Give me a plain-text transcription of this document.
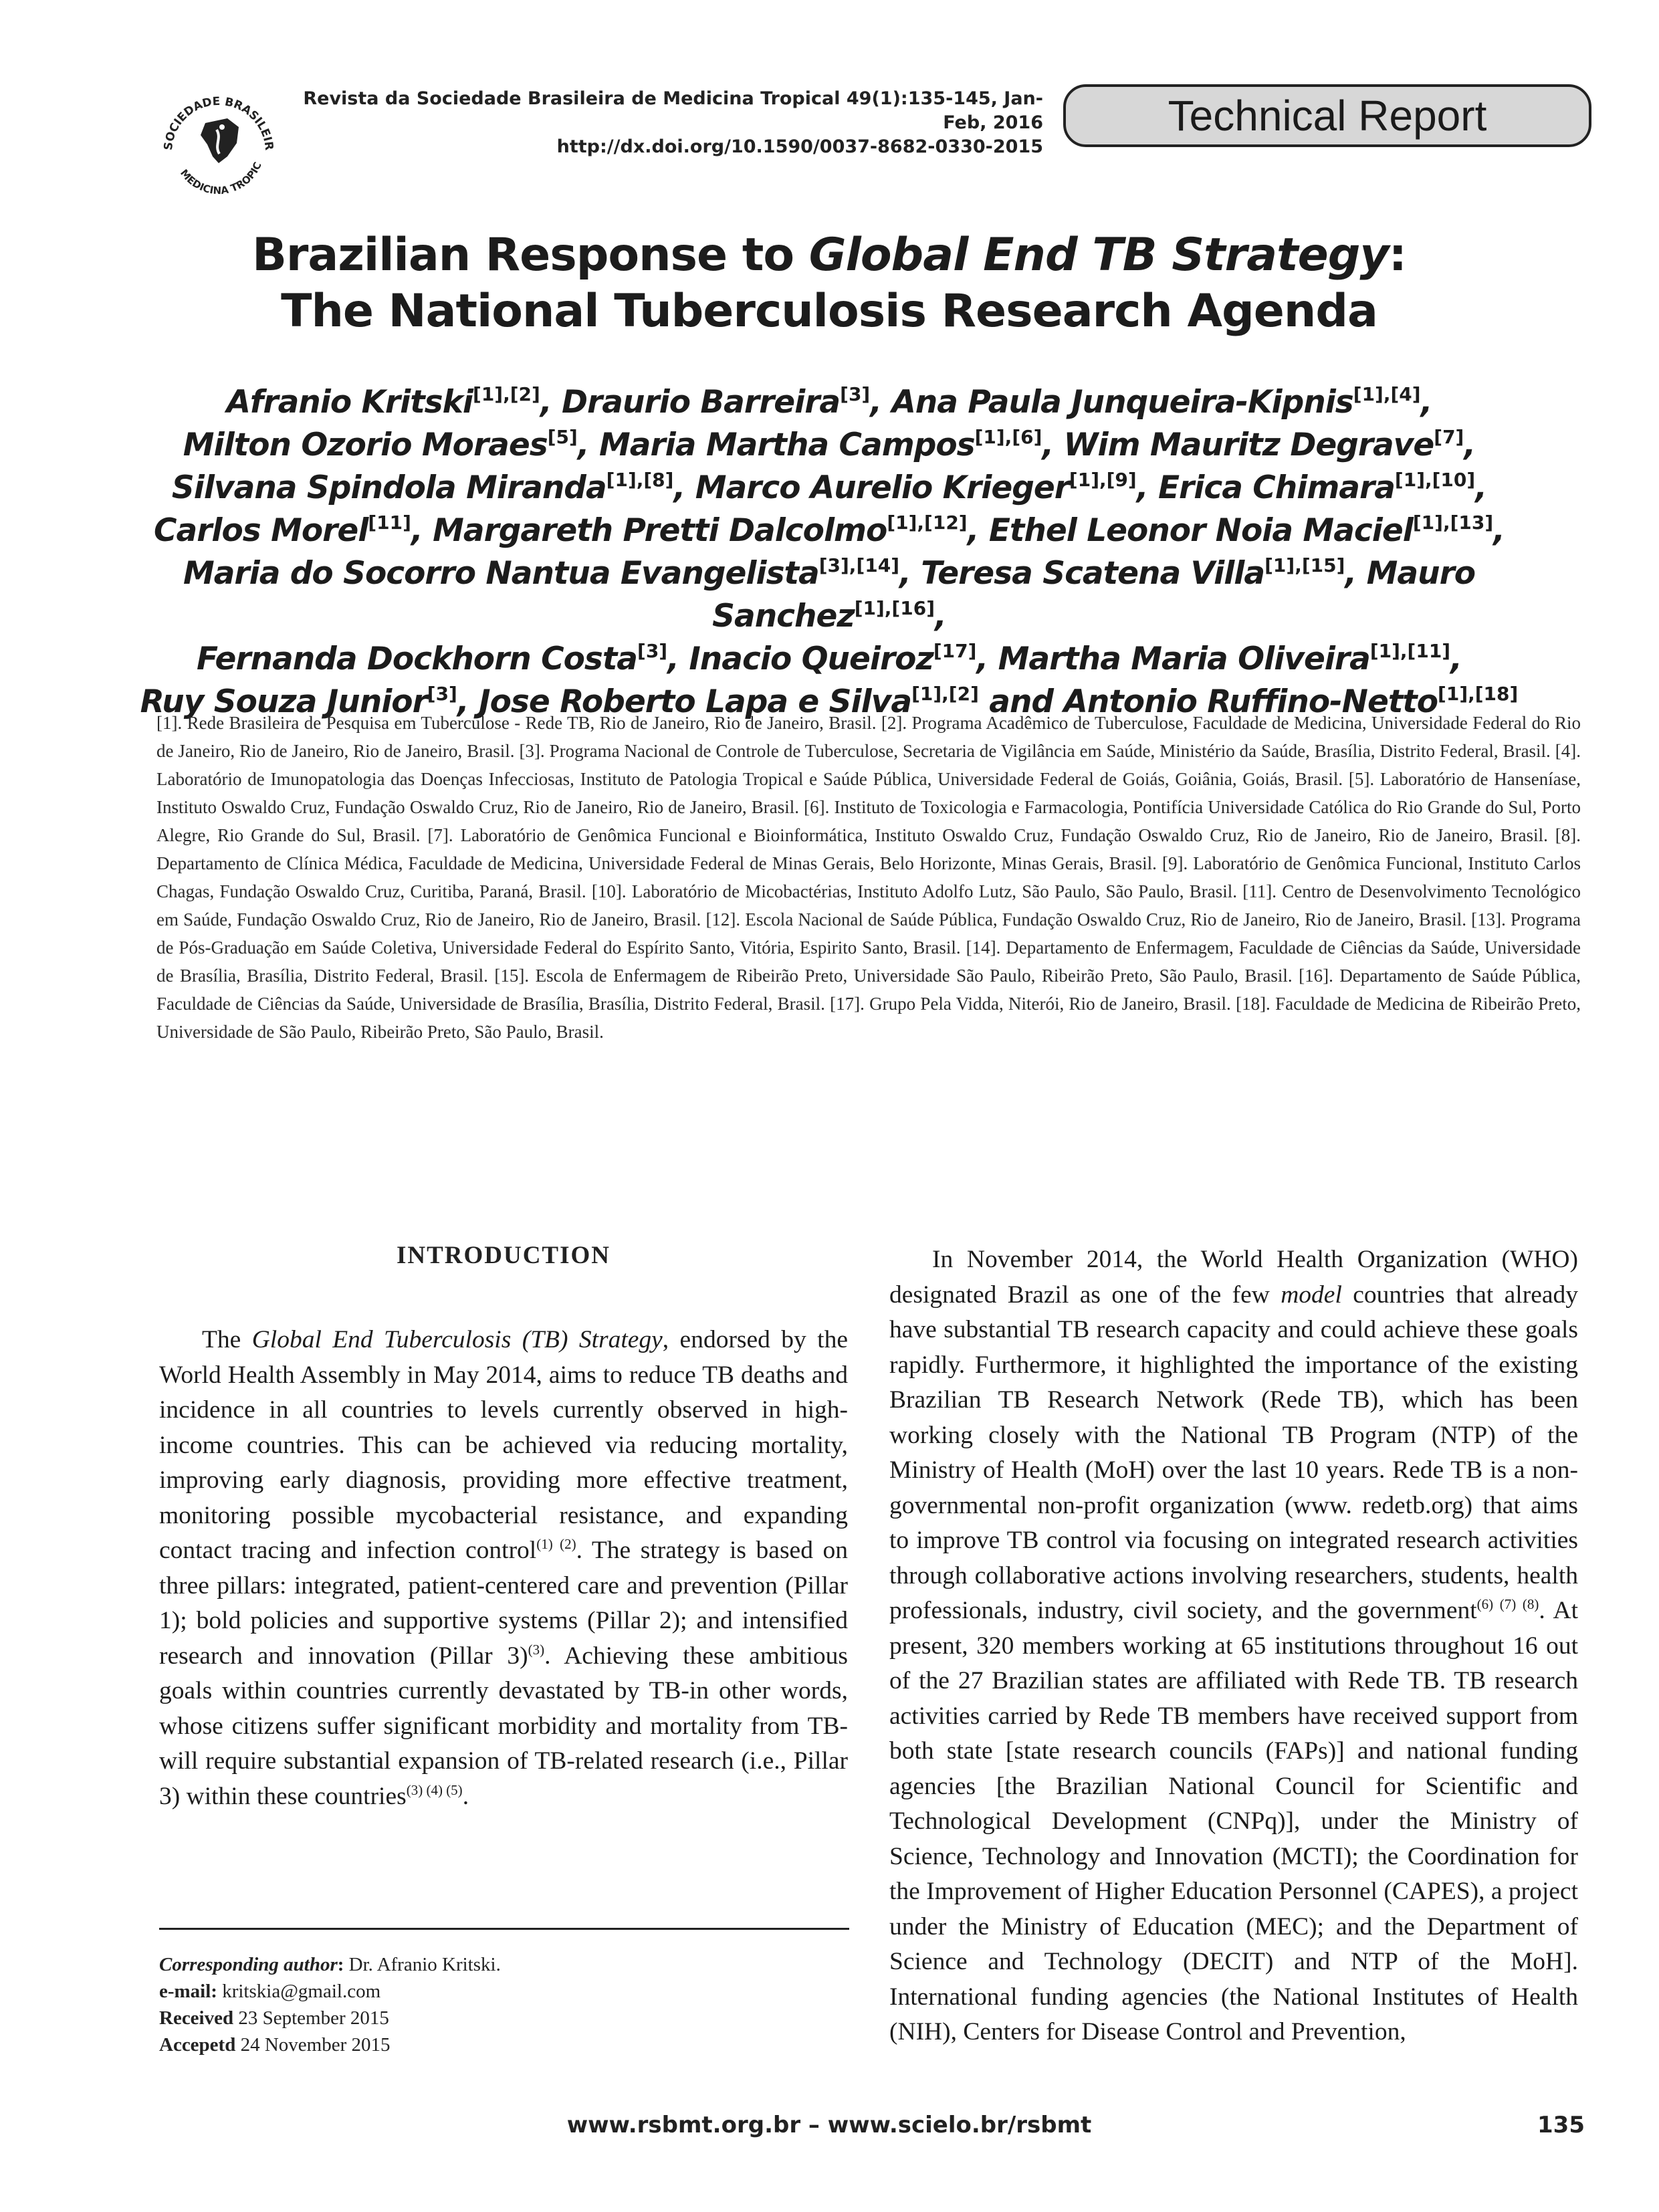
SOCIEDADE BRASILEIR
MEDICINA TROPIC
Revista da Sociedade Brasileira de Medicina Tropical 49(1):135-145, Jan-Feb, 2016
http://dx.doi.org/10.1590/0037-8682-0330-2015
Technical Report
Brazilian Response to Global End TB Strategy:
The National Tuberculosis Research Agenda
Afranio Kritski[1],[2], Draurio Barreira[3], Ana Paula Junqueira-Kipnis[1],[4],
Milton Ozorio Moraes[5], Maria Martha Campos[1],[6], Wim Mauritz Degrave[7],
Silvana Spindola Miranda[1],[8], Marco Aurelio Krieger[1],[9], Erica Chimara[1],[10],
Carlos Morel[11], Margareth Pretti Dalcolmo[1],[12], Ethel Leonor Noia Maciel[1],[13],
Maria do Socorro Nantua Evangelista[3],[14], Teresa Scatena Villa[1],[15], Mauro Sanchez[1],[16],
Fernanda Dockhorn Costa[3], Inacio Queiroz[17], Martha Maria Oliveira[1],[11],
Ruy Souza Junior[3], Jose Roberto Lapa e Silva[1],[2] and Antonio Ruffino-Netto[1],[18]
[1]. Rede Brasileira de Pesquisa em Tuberculose - Rede TB, Rio de Janeiro, Rio de Janeiro, Brasil. [2]. Programa Acadêmico de Tuberculose, Faculdade de Medicina, Universidade Federal do Rio de Janeiro, Rio de Janeiro, Rio de Janeiro, Brasil. [3]. Programa Nacional de Controle de Tuberculose, Secretaria de Vigilância em Saúde, Ministério da Saúde, Brasília, Distrito Federal, Brasil. [4]. Laboratório de Imunopatologia das Doenças Infecciosas, Instituto de Patologia Tropical e Saúde Pública, Universidade Federal de Goiás, Goiânia, Goiás, Brasil. [5]. Laboratório de Hanseníase, Instituto Oswaldo Cruz, Fundação Oswaldo Cruz, Rio de Janeiro, Rio de Janeiro, Brasil. [6]. Instituto de Toxicologia e Farmacologia, Pontifícia Universidade Católica do Rio Grande do Sul, Porto Alegre, Rio Grande do Sul, Brasil. [7]. Laboratório de Genômica Funcional e Bioinformática, Instituto Oswaldo Cruz, Fundação Oswaldo Cruz, Rio de Janeiro, Rio de Janeiro, Brasil. [8]. Departamento de Clínica Médica, Faculdade de Medicina, Universidade Federal de Minas Gerais, Belo Horizonte, Minas Gerais, Brasil. [9]. Laboratório de Genômica Funcional, Instituto Carlos Chagas, Fundação Oswaldo Cruz, Curitiba, Paraná, Brasil. [10]. Laboratório de Micobactérias, Instituto Adolfo Lutz, São Paulo, São Paulo, Brasil. [11]. Centro de Desenvolvimento Tecnológico em Saúde, Fundação Oswaldo Cruz, Rio de Janeiro, Rio de Janeiro, Brasil. [12]. Escola Nacional de Saúde Pública, Fundação Oswaldo Cruz, Rio de Janeiro, Rio de Janeiro, Brasil. [13]. Programa de Pós-Graduação em Saúde Coletiva, Universidade Federal do Espírito Santo, Vitória, Espirito Santo, Brasil. [14]. Departamento de Enfermagem, Faculdade de Ciências da Saúde, Universidade de Brasília, Brasília, Distrito Federal, Brasil. [15]. Escola de Enfermagem de Ribeirão Preto, Universidade São Paulo, Ribeirão Preto, São Paulo, Brasil. [16]. Departamento de Saúde Pública, Faculdade de Ciências da Saúde, Universidade de Brasília, Brasília, Distrito Federal, Brasil. [17]. Grupo Pela Vidda, Niterói, Rio de Janeiro, Brasil. [18]. Faculdade de Medicina de Ribeirão Preto, Universidade de São Paulo, Ribeirão Preto, São Paulo, Brasil.
INTRODUCTION

The Global End Tuberculosis (TB) Strategy, endorsed by the World Health Assembly in May 2014, aims to reduce TB deaths and incidence in all countries to levels currently observed in high-income countries. This can be achieved via reducing mortality, improving early diagnosis, providing more effective treatment, monitoring possible mycobacterial resistance, and expanding contact tracing and infection control$^{(1) (2)}$. The strategy is based on three pillars: integrated, patient-centered care and prevention (Pillar 1); bold policies and supportive systems (Pillar 2); and intensified research and innovation (Pillar 3)$^{(3)}$. Achieving these ambitious goals within countries currently devastated by TB-in other words, whose citizens suffer significant morbidity and mortality from TB-will require substantial expansion of TB-related research (i.e., Pillar 3) within these countries$^{(3) (4) (5)}$.

Corresponding author: Dr. Afranio Kritski.
e-mail: kritskia@gmail.com
Received 23 September 2015
Accepetd 24 November 2015

In November 2014, the World Health Organization (WHO) designated Brazil as one of the few model countries that already have substantial TB research capacity and could achieve these goals rapidly. Furthermore, it highlighted the importance of the existing Brazilian TB Research Network (Rede TB), which has been working closely with the National TB Program (NTP) of the Ministry of Health (MoH) over the last 10 years. Rede TB is a non-governmental non-profit organization (www. redetb.org) that aims to improve TB control via focusing on integrated research activities through collaborative actions involving researchers, students, health professionals, industry, civil society, and the government$^{(6) (7) (8)}$. At present, 320 members working at 65 institutions throughout 16 out of the 27 Brazilian states are affiliated with Rede TB. TB research activities carried by Rede TB members have received support from both state [state research councils (FAPs)] and national funding agencies [the Brazilian National Council for Scientific and Technological Development (CNPq)], under the Ministry of Science, Technology and Innovation (MCTI); the Coordination for the Improvement of Higher Education Personnel (CAPES), a project under the Ministry of Education (MEC); and the Department of Science and Technology (DECIT) and NTP of the MoH]. International funding agencies (the National Institutes of Health (NIH), Centers for Disease Control and Prevention,

www.rsbmt.org.br – www.scielo.br/rsbmt	135
